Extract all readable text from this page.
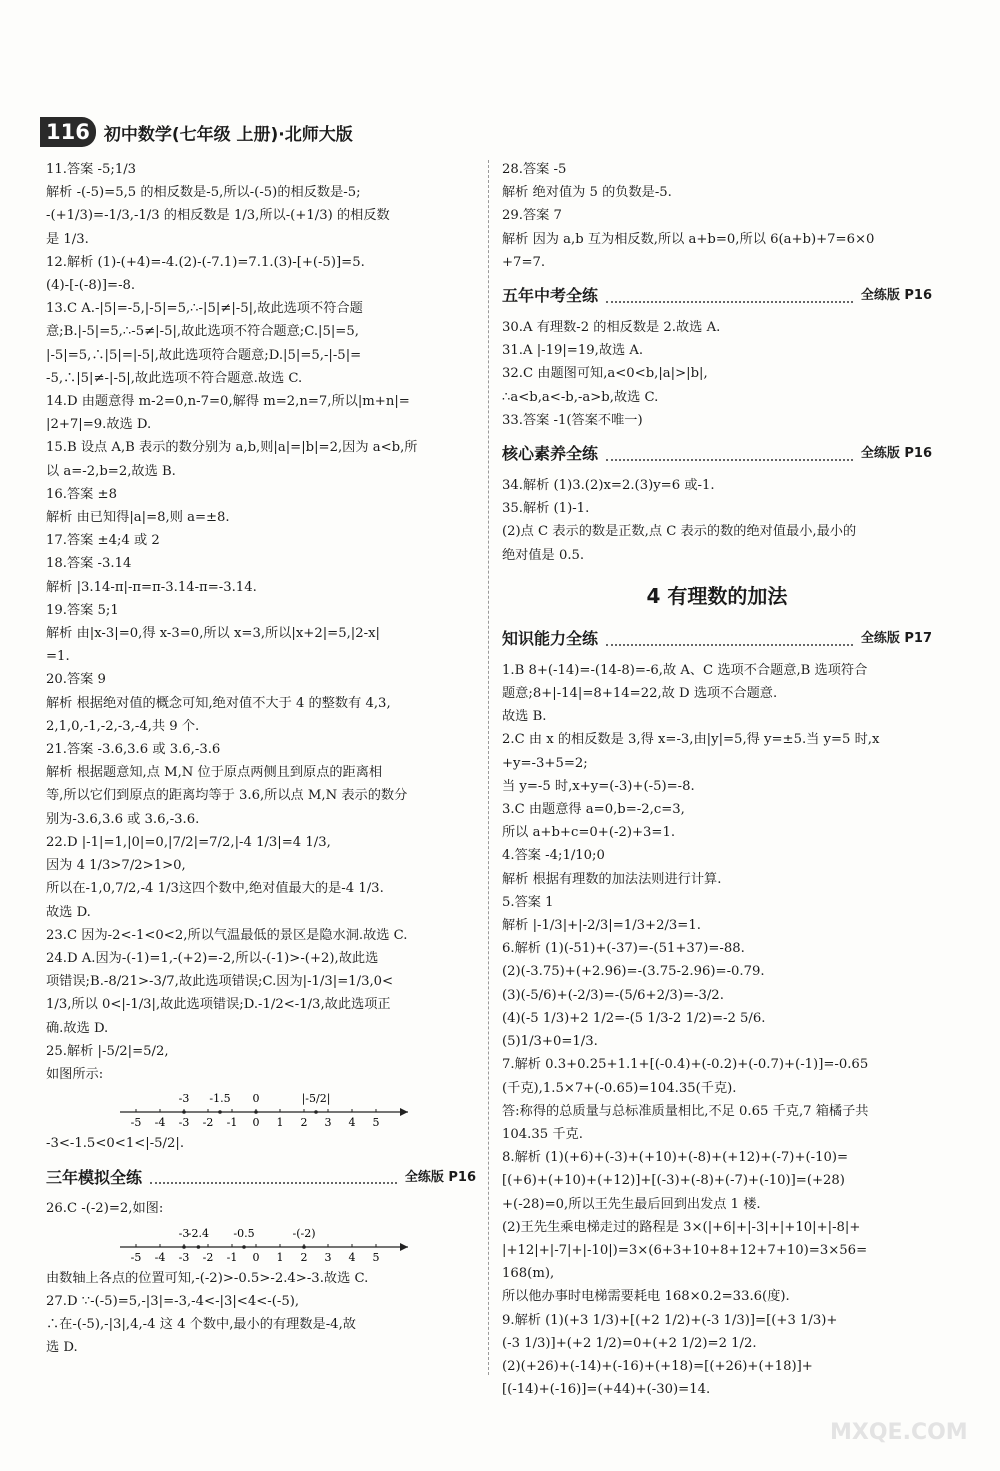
116 初中数学(七年级 上册)·北师大版
11.答案 -5;1/3
解析 -(-5)=5,5 的相反数是-5,所以-(-5)的相反数是-5;
-(+1/3)=-1/3,-1/3 的相反数是 1/3,所以-(+1/3) 的相反数
是 1/3.
12.解析 (1)-(+4)=-4.(2)-(-7.1)=7.1.(3)-[+(-5)]=5.
(4)-[-(-8)]=-8.
13.C A.-|5|=-5,|-5|=5,∴-|5|≠|-5|,故此选项不符合题
意;B.|-5|=5,∴-5≠|-5|,故此选项不符合题意;C.|5|=5,
|-5|=5,∴|5|=|-5|,故此选项符合题意;D.|5|=5,-|-5|=
-5,∴|5|≠-|-5|,故此选项不符合题意.故选 C.
14.D 由题意得 m-2=0,n-7=0,解得 m=2,n=7,所以|m+n|=
|2+7|=9.故选 D.
15.B 设点 A,B 表示的数分别为 a,b,则|a|=|b|=2,因为 a<b,所
以 a=-2,b=2,故选 B.
16.答案 ±8
解析 由已知得|a|=8,则 a=±8.
17.答案 ±4;4 或 2
18.答案 -3.14
解析 |3.14-π|-π=π-3.14-π=-3.14.
19.答案 5;1
解析 由|x-3|=0,得 x-3=0,所以 x=3,所以|x+2|=5,|2-x|
=1.
20.答案 9
解析 根据绝对值的概念可知,绝对值不大于 4 的整数有 4,3,
2,1,0,-1,-2,-3,-4,共 9 个.
21.答案 -3.6,3.6 或 3.6,-3.6
解析 根据题意知,点 M,N 位于原点两侧且到原点的距离相
等,所以它们到原点的距离均等于 3.6,所以点 M,N 表示的数分
别为-3.6,3.6 或 3.6,-3.6.
22.D |-1|=1,|0|=0,|7/2|=7/2,|-4 1/3|=4 1/3,
因为 4 1/3>7/2>1>0,
所以在-1,0,7/2,-4 1/3这四个数中,绝对值最大的是-4 1/3.
故选 D.
23.C 因为-2<-1<0<2,所以气温最低的景区是隐水洞.故选 C.
24.D A.因为-(-1)=1,-(+2)=-2,所以-(-1)>-(+2),故此选
项错误;B.-8/21>-3/7,故此选项错误;C.因为|-1/3|=1/3,0<
1/3,所以 0<|-1/3|,故此选项错误;D.-1/2<-1/3,故此选项正
确.故选 D.
25.解析 |-5/2|=5/2,
如图所示:
-5 -4 -3 -2 -1 0 1 2 3 4 5
-3 -1.5 0	|-5/2|
-3<-1.5<0<1<|-5/2|.
三年模拟全练	全练版 P16
26.C -(-2)=2,如图:
-5 -4 -3 -2 -1 0 1 2 3 4 5
-3
-2.4 -0.5	-(-2)
由数轴上各点的位置可知,-(-2)>-0.5>-2.4>-3.故选 C.
27.D ∵-(-5)=5,-|3|=-3,-4<-|3|<4<-(-5),
∴在-(-5),-|3|,4,-4 这 4 个数中,最小的有理数是-4,故
选 D.
28.答案 -5
解析 绝对值为 5 的负数是-5.
29.答案 7
解析 因为 a,b 互为相反数,所以 a+b=0,所以 6(a+b)+7=6×0
+7=7.
五年中考全练	全练版 P16
30.A 有理数-2 的相反数是 2.故选 A.
31.A |-19|=19,故选 A.
32.C 由题图可知,a<0<b,|a|>|b|,
∴a<b,a<-b,-a>b,故选 C.
33.答案 -1(答案不唯一)
核心素养全练	全练版 P16
34.解析 (1)3.(2)x=2.(3)y=6 或-1.
35.解析 (1)-1.
(2)点 C 表示的数是正数,点 C 表示的数的绝对值最小,最小的
绝对值是 0.5.
4 有理数的加法
知识能力全练	全练版 P17
1.B 8+(-14)=-(14-8)=-6,故 A、C 选项不合题意,B 选项符合
题意;8+|-14|=8+14=22,故 D 选项不合题意.
故选 B.
2.C 由 x 的相反数是 3,得 x=-3,由|y|=5,得 y=±5.当 y=5 时,x
+y=-3+5=2;
当 y=-5 时,x+y=(-3)+(-5)=-8.
3.C 由题意得 a=0,b=-2,c=3,
所以 a+b+c=0+(-2)+3=1.
4.答案 -4;1/10;0
解析 根据有理数的加法法则进行计算.
5.答案 1
解析 |-1/3|+|-2/3|=1/3+2/3=1.
6.解析 (1)(-51)+(-37)=-(51+37)=-88.
(2)(-3.75)+(+2.96)=-(3.75-2.96)=-0.79.
(3)(-5/6)+(-2/3)=-(5/6+2/3)=-3/2.
(4)(-5 1/3)+2 1/2=-(5 1/3-2 1/2)=-2 5/6.
(5)1/3+0=1/3.
7.解析 0.3+0.25+1.1+[(-0.4)+(-0.2)+(-0.7)+(-1)]=-0.65
(千克),1.5×7+(-0.65)=104.35(千克).
答:称得的总质量与总标准质量相比,不足 0.65 千克,7 箱橘子共
104.35 千克.
8.解析 (1)(+6)+(-3)+(+10)+(-8)+(+12)+(-7)+(-10)=
[(+6)+(+10)+(+12)]+[(-3)+(-8)+(-7)+(-10)]=(+28)
+(-28)=0,所以王先生最后回到出发点 1 楼.
(2)王先生乘电梯走过的路程是 3×(|+6|+|-3|+|+10|+|-8|+
|+12|+|-7|+|-10|)=3×(6+3+10+8+12+7+10)=3×56=
168(m),
所以他办事时电梯需要耗电 168×0.2=33.6(度).
9.解析 (1)(+3 1/3)+[(+2 1/2)+(-3 1/3)]=[(+3 1/3)+
(-3 1/3)]+(+2 1/2)=0+(+2 1/2)=2 1/2.
(2)(+26)+(-14)+(-16)+(+18)=[(+26)+(+18)]+
[(-14)+(-16)]=(+44)+(-30)=14.
MXQE.COM
